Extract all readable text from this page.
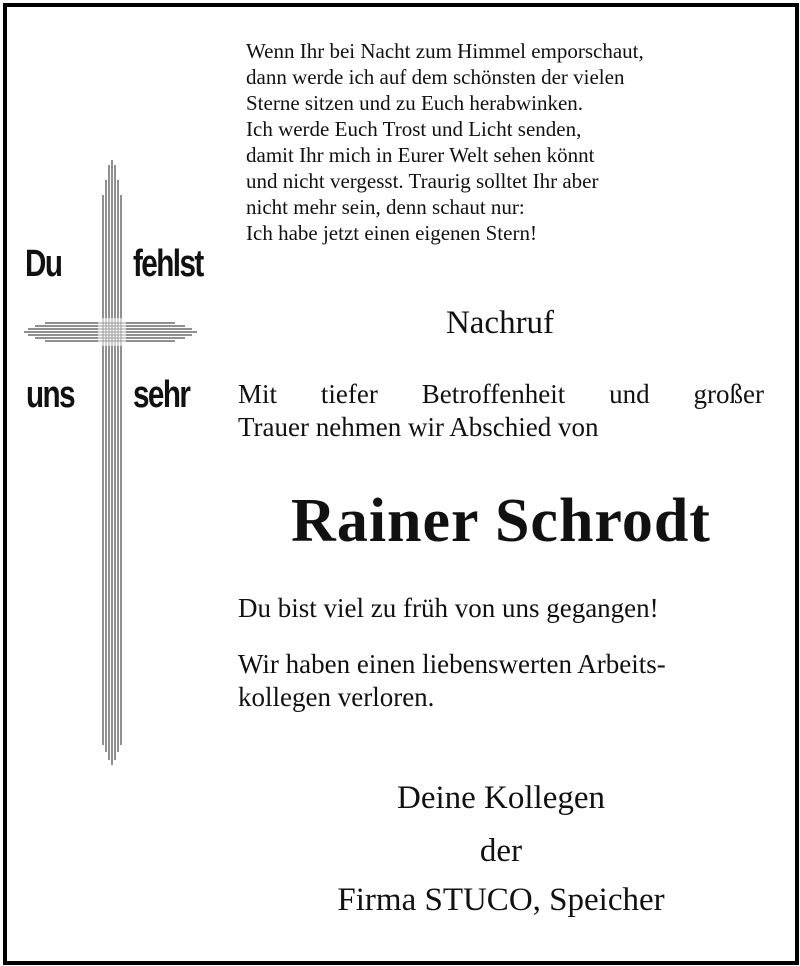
Wenn Ihr bei Nacht zum Himmel emporschaut,
dann werde ich auf dem schönsten der vielen
Sterne sitzen und zu Euch herabwinken.
Ich werde Euch Trost und Licht senden,
damit Ihr mich in Eurer Welt sehen könnt
und nicht vergesst. Traurig solltet Ihr aber
nicht mehr sein, denn schaut nur:
Ich habe jetzt einen eigenen Stern!
Du fehlst
uns sehr
Nachruf
Mit tiefer Betroffenheit und großer
Trauer nehmen wir Abschied von
Rainer Schrodt
Du bist viel zu früh von uns gegangen!
Wir haben einen liebenswerten Arbeits-
kollegen verloren.
Deine Kollegen
der
Firma STUCO, Speicher
